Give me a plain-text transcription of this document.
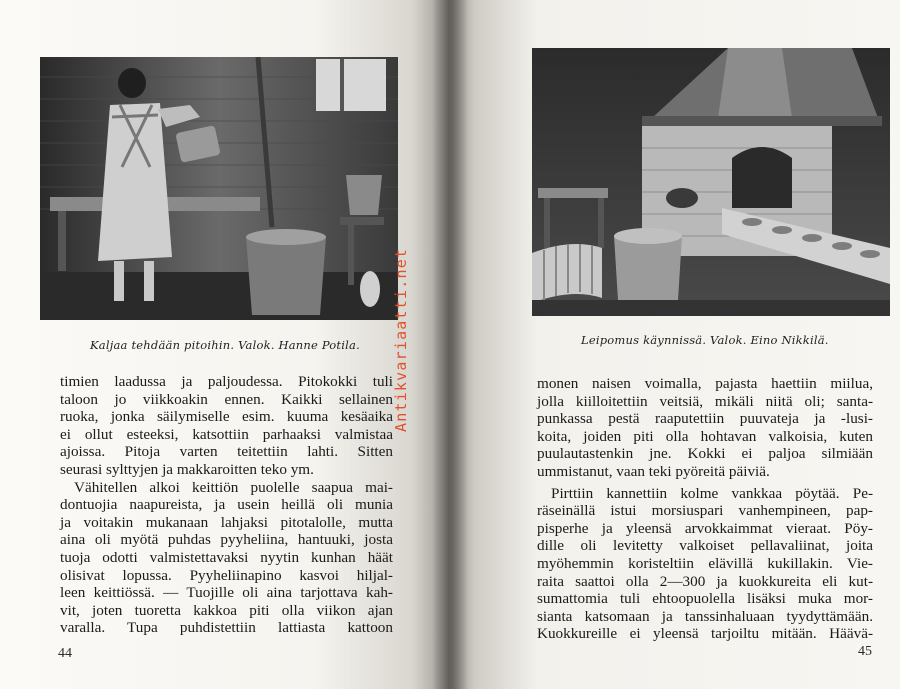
Kaljaa tehdään pitoihin. Valok. Hanne Potila.
timien laadussa ja paljoudessa. Pitokokki tuli
taloon jo viikkoakin ennen. Kaikki sellainen
ruoka, jonka säilymiselle esim. kuuma kesäaika
ei ollut esteeksi, katsottiin parhaaksi valmistaa
ajoissa. Pitoja varten teitettiin lahti. Sitten
seurasi sylttyjen ja makkaroitten teko ym.
Vähitellen alkoi keittiön puolelle saapua mai-
dontuojia naapureista, ja usein heillä oli munia
ja voitakin mukanaan lahjaksi pitotalolle, mutta
aina oli myötä puhdas pyyheliina, hantuuki, josta
tuoja odotti valmistettavaksi nyytin kunhan häät
olisivat lopussa. Pyyheliinapino kasvoi hiljal-
leen keittiössä. — Tuojille oli aina tarjottava kah-
vit, joten tuoretta kakkoa piti olla viikon ajan
varalla. Tupa puhdistettiin lattiasta kattoon
44
Antikvariaatti.net	Leipomus käynnissä. Valok. Eino Nikkilä.
monen naisen voimalla, pajasta haettiin miilua,
jolla kiilloitettiin veitsiä, mikäli niitä oli; santa-
punkassa pestä raaputettiin puuvateja ja -lusi-
koita, joiden piti olla hohtavan valkoisia, kuten
puulautastenkin jne. Kokki ei paljoa silmiään
ummistanut, vaan teki pyöreitä päiviä.
Pirttiin kannettiin kolme vankkaa pöytää. Pe-
räseinällä istui morsiuspari vanhempineen, pap-
pisperhe ja yleensä arvokkaimmat vieraat. Pöy-
dille oli levitetty valkoiset pellavaliinat, joita
myöhemmin koristeltiin elävillä kukillakin. Vie-
raita saattoi olla 2—300 ja kuokkureita eli kut-
sumattomia tuli ehtoopuolella lisäksi muka mor-
sianta katsomaan ja tanssinhaluaan tyydyttämään.
Kuokkureille ei yleensä tarjoiltu mitään. Häävä-
45
